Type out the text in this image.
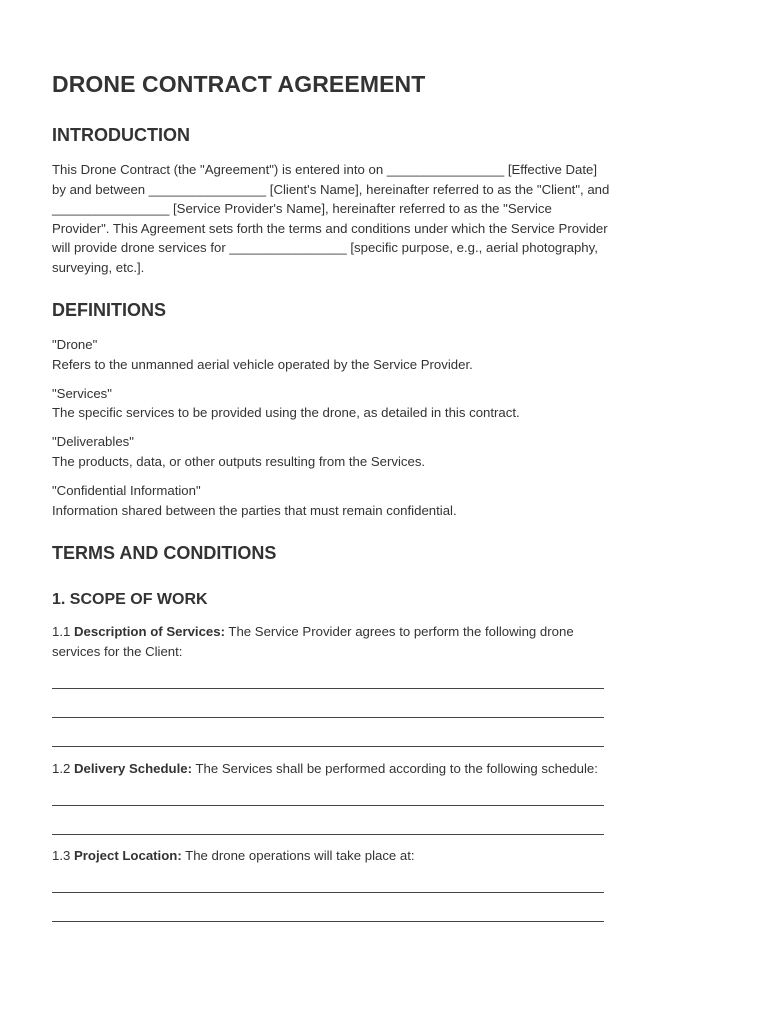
DRONE CONTRACT AGREEMENT
INTRODUCTION

This Drone Contract (the "Agreement") is entered into on ________________ [Effective Date]

by and between ________________ [Client's Name], hereinafter referred to as the "Client", and

________________ [Service Provider's Name], hereinafter referred to as the "Service

Provider". This Agreement sets forth the terms and conditions under which the Service Provider

will provide drone services for ________________ [specific purpose, e.g., aerial photography,

surveying, etc.].

DEFINITIONS

"Drone"

Refers to the unmanned aerial vehicle operated by the Service Provider.

"Services"

The specific services to be provided using the drone, as detailed in this contract.

"Deliverables"

The products, data, or other outputs resulting from the Services.

"Confidential Information"

Information shared between the parties that must remain confidential.

TERMS AND CONDITIONS
1. SCOPE OF WORK

1.1 Description of Services: The Service Provider agrees to perform the following drone

services for the Client:

1.2 Delivery Schedule: The Services shall be performed according to the following schedule:

1.3 Project Location: The drone operations will take place at:
